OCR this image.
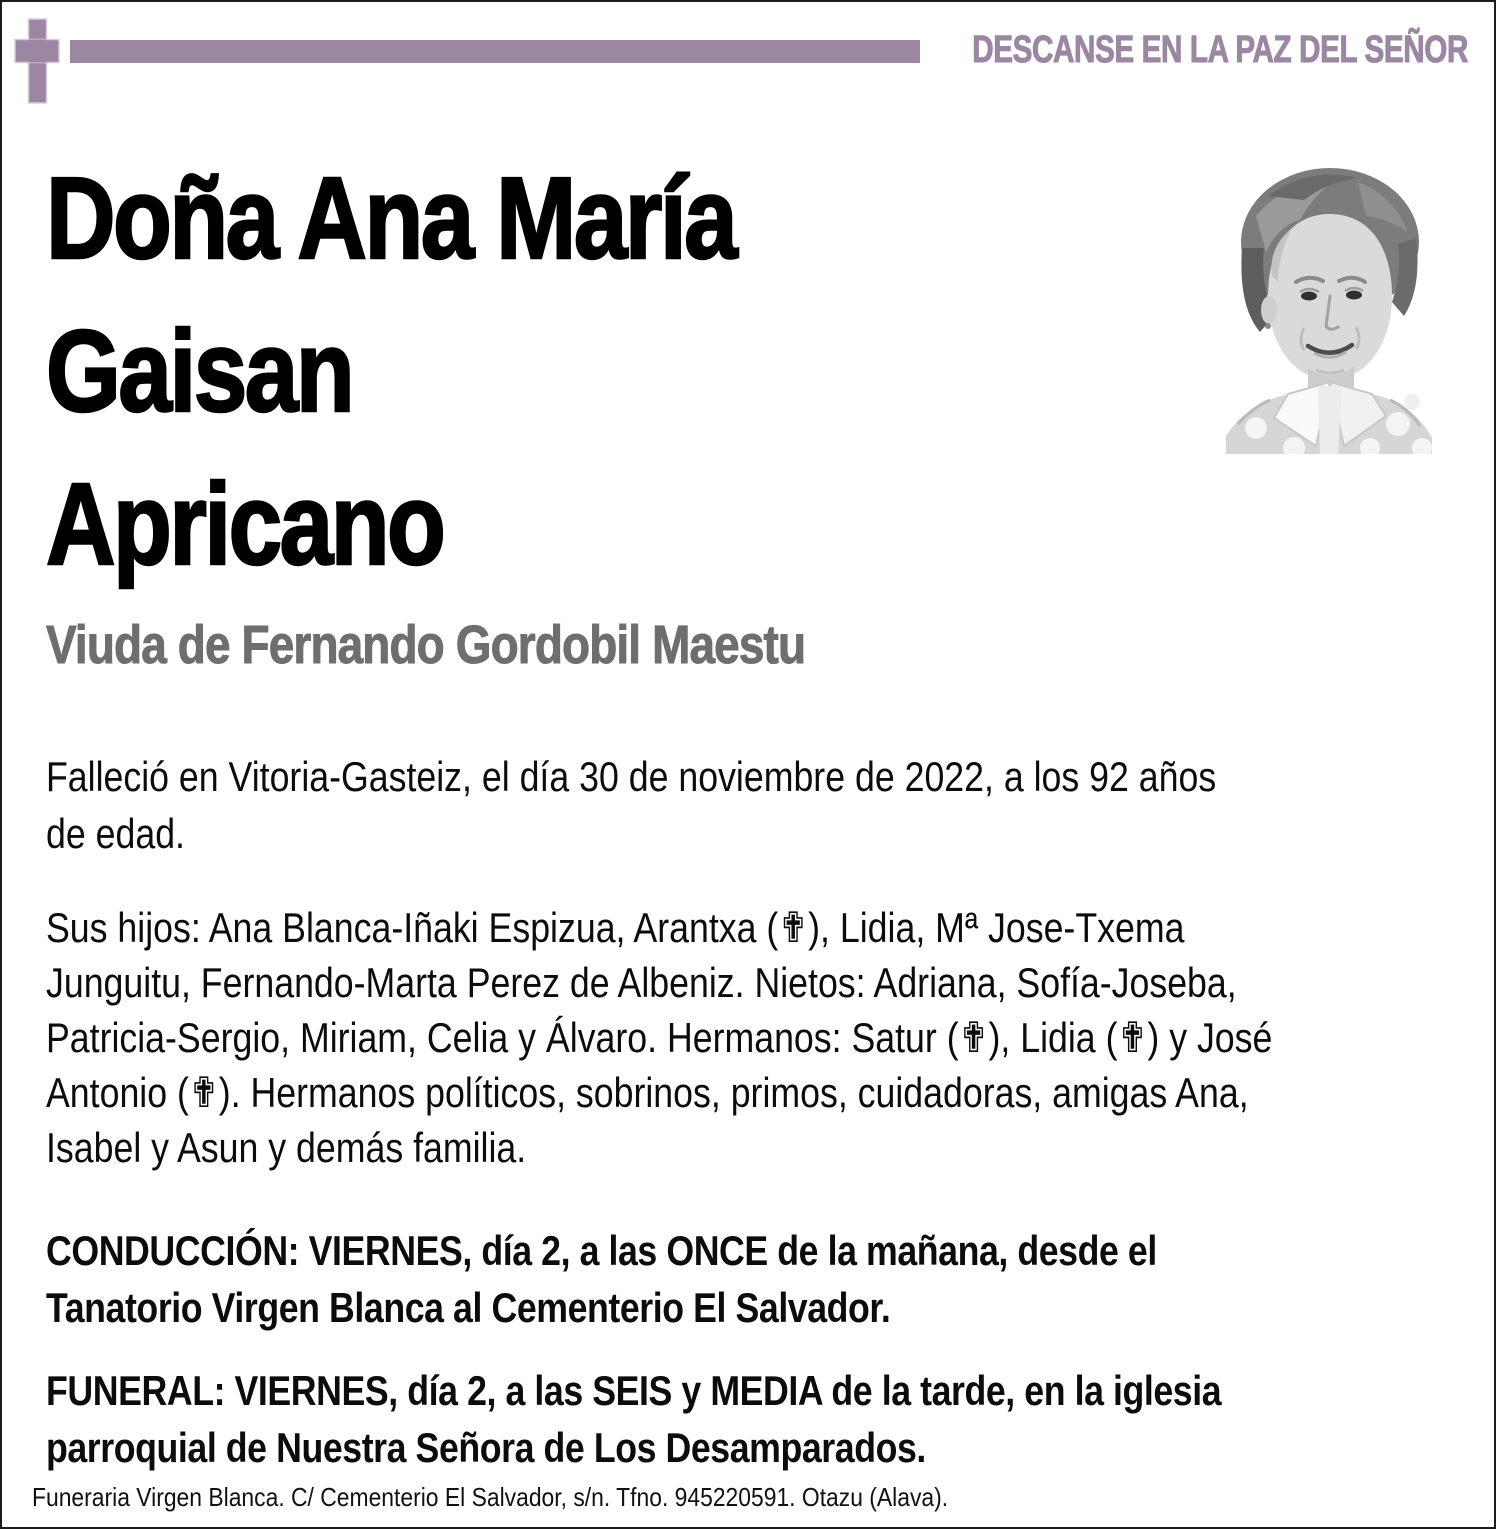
DESCANSE EN LA PAZ DEL SEÑOR
Doña Ana María
Gaisan
Apricano
Viuda de Fernando Gordobil Maestu
Falleció en Vitoria-Gasteiz, el día 30 de noviembre de 2022, a los 92 años
de edad.
Sus hijos: Ana Blanca-Iñaki Espizua, Arantxa (✟), Lidia, Mª Jose-Txema
Junguitu, Fernando-Marta Perez de Albeniz. Nietos: Adriana, Sofía-Joseba,
Patricia-Sergio, Miriam, Celia y Álvaro. Hermanos: Satur (✟), Lidia (✟) y José
Antonio (✟). Hermanos políticos, sobrinos, primos, cuidadoras, amigas Ana,
Isabel y Asun y demás familia.
CONDUCCIÓN: VIERNES, día 2, a las ONCE de la mañana, desde el
Tanatorio Virgen Blanca al Cementerio El Salvador.
FUNERAL: VIERNES, día 2, a las SEIS y MEDIA de la tarde, en la iglesia
parroquial de Nuestra Señora de Los Desamparados.
Funeraria Virgen Blanca. C/ Cementerio El Salvador, s/n. Tfno. 945220591. Otazu (Alava).
